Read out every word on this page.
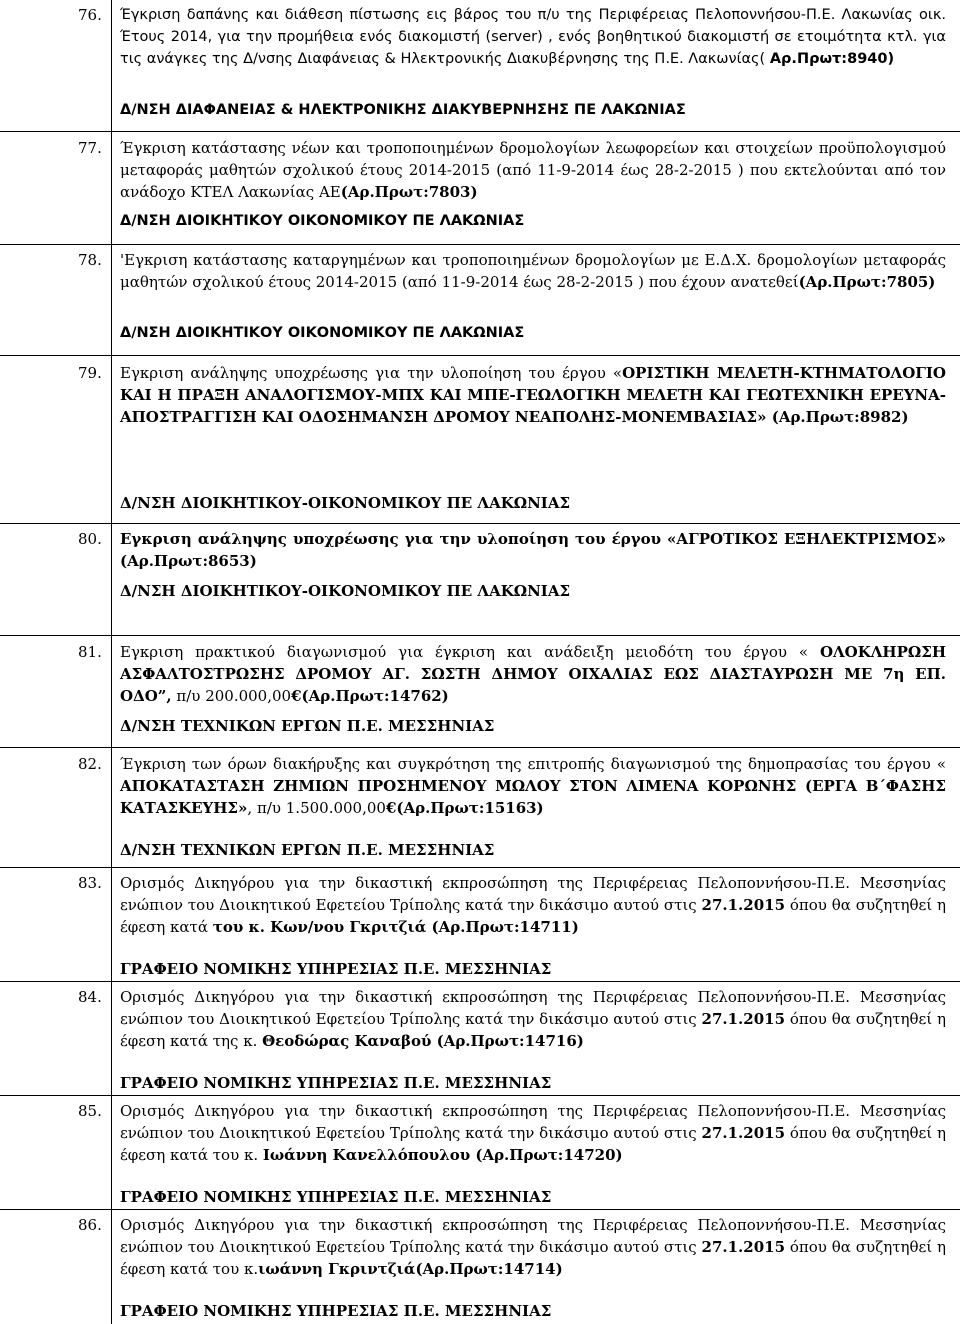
76.	Έγκριση δαπάνης και διάθεση πίστωσης εις βάρος του π/υ της Περιφέρειας Πελοποννήσου-Π.Ε. Λακωνίας οικ. Έτους 2014, για την προμήθεια ενός διακομιστή (server) , ενός βοηθητικού διακομιστή σε ετοιμότητα κτλ. για τις ανάγκες της Δ/νσης Διαφάνειας & Ηλεκτρονικής Διακυβέρνησης της Π.Ε. Λακωνίας( Αρ.Πρωτ:8940)
Δ/ΝΣΗ ΔΙΑΦΑΝΕΙΑΣ & ΗΛΕΚΤΡΟΝΙΚΗΣ ΔΙΑΚΥΒΕΡΝΗΣΗΣ ΠΕ ΛΑΚΩΝΙΑΣ
77.	Έγκριση κατάστασης νέων και τροποποιημένων δρομολογίων λεωφορείων και στοιχείων προϋπολογισμού μεταφοράς μαθητών σχολικού έτους 2014-2015 (από 11-9-2014 έως 28-2-2015 ) που εκτελούνται από τον ανάδοχο ΚΤΕΛ Λακωνίας ΑΕ(Αρ.Πρωτ:7803)
Δ/ΝΣΗ ΔΙΟΙΚΗΤΙΚΟΥ ΟΙΚΟΝΟΜΙΚΟΥ ΠΕ ΛΑΚΩΝΙΑΣ
78.	'Εγκριση κατάστασης καταργημένων και τροποποιημένων δρομολογίων με Ε.Δ.Χ. δρομολογίων μεταφοράς μαθητών σχολικού έτους 2014-2015 (από 11-9-2014 έως 28-2-2015 ) που έχουν ανατεθεί(Αρ.Πρωτ:7805)
Δ/ΝΣΗ ΔΙΟΙΚΗΤΙΚΟΥ ΟΙΚΟΝΟΜΙΚΟΥ ΠΕ ΛΑΚΩΝΙΑΣ
79.	Εγκριση ανάληψης υποχρέωσης για την υλοποίηση του έργου «ΟΡΙΣΤΙΚΗ ΜΕΛΕΤΗ-ΚΤΗΜΑΤΟΛΟΓΙΟ ΚΑΙ Η ΠΡΑΞΗ ΑΝΑΛΟΓΙΣΜΟΥ-ΜΠΧ ΚΑΙ ΜΠΕ-ΓΕΩΛΟΓΙΚΗ ΜΕΛΕΤΗ ΚΑΙ ΓΕΩΤΕΧΝΙΚΗ ΕΡΕΥΝΑ-ΑΠΟΣΤΡΑΓΓΙΣΗ ΚΑΙ ΟΔΟΣΗΜΑΝΣΗ ΔΡΟΜΟΥ ΝΕΑΠΟΛΗΣ-ΜΟΝΕΜΒΑΣΙΑΣ» (Αρ.Πρωτ:8982)
Δ/ΝΣΗ ΔΙΟΙΚΗΤΙΚΟΥ-ΟΙΚΟΝΟΜΙΚΟΥ ΠΕ ΛΑΚΩΝΙΑΣ
80.	Εγκριση ανάληψης υποχρέωσης για την υλοποίηση του έργου «ΑΓΡΟΤΙΚΟΣ ΕΞΗΛΕΚΤΡΙΣΜΟΣ» (Αρ.Πρωτ:8653)
Δ/ΝΣΗ ΔΙΟΙΚΗΤΙΚΟΥ-ΟΙΚΟΝΟΜΙΚΟΥ ΠΕ ΛΑΚΩΝΙΑΣ
81.	Εγκριση πρακτικού διαγωνισμού για έγκριση και ανάδειξη μειοδότη του έργου « ΟΛΟΚΛΗΡΩΣΗ ΑΣΦΑΛΤΟΣΤΡΩΣΗΣ ΔΡΟΜΟΥ ΑΓ. ΣΩΣΤΗ ΔΗΜΟΥ ΟΙΧΑΛΙΑΣ ΕΩΣ ΔΙΑΣΤΑΥΡΩΣΗ ΜΕ 7η ΕΠ. ΟΔΟ”, π/υ 200.000,00€(Αρ.Πρωτ:14762)
Δ/ΝΣΗ ΤΕΧΝΙΚΩΝ ΕΡΓΩΝ Π.Ε. ΜΕΣΣΗΝΙΑΣ
82.	Έγκριση των όρων διακήρυξης και συγκρότηση της επιτροπής διαγωνισμού της δημοπρασίας του έργου « ΑΠΟΚΑΤΑΣΤΑΣΗ ΖΗΜΙΩΝ ΠΡΟΣΗΜΕΝΟΥ ΜΩΛΟΥ ΣΤΟΝ ΛΙΜΕΝΑ ΚΟΡΩΝΗΣ (ΕΡΓΑ Β΄ΦΑΣΗΣ ΚΑΤΑΣΚΕΥΗΣ», π/υ 1.500.000,00€(Αρ.Πρωτ:15163)
Δ/ΝΣΗ ΤΕΧΝΙΚΩΝ ΕΡΓΩΝ Π.Ε. ΜΕΣΣΗΝΙΑΣ
83.	Ορισμός Δικηγόρου για την δικαστική εκπροσώπηση της Περιφέρειας Πελοποννήσου-Π.Ε. Μεσσηνίας ενώπιον του Διοικητικού Εφετείου Τρίπολης κατά την δικάσιμο αυτού στις 27.1.2015 όπου θα συζητηθεί η έφεση κατά του κ. Κων/νου Γκριτζιά (Αρ.Πρωτ:14711)
ΓΡΑΦΕΙΟ ΝΟΜΙΚΗΣ ΥΠΗΡΕΣΙΑΣ Π.Ε. ΜΕΣΣΗΝΙΑΣ
84.	Ορισμός Δικηγόρου για την δικαστική εκπροσώπηση της Περιφέρειας Πελοποννήσου-Π.Ε. Μεσσηνίας ενώπιον του Διοικητικού Εφετείου Τρίπολης κατά την δικάσιμο αυτού στις 27.1.2015 όπου θα συζητηθεί η έφεση κατά της κ. Θεοδώρας Καναβού (Αρ.Πρωτ:14716)
ΓΡΑΦΕΙΟ ΝΟΜΙΚΗΣ ΥΠΗΡΕΣΙΑΣ Π.Ε. ΜΕΣΣΗΝΙΑΣ
85.	Ορισμός Δικηγόρου για την δικαστική εκπροσώπηση της Περιφέρειας Πελοποννήσου-Π.Ε. Μεσσηνίας ενώπιον του Διοικητικού Εφετείου Τρίπολης κατά την δικάσιμο αυτού στις 27.1.2015 όπου θα συζητηθεί η έφεση κατά του κ. Ιωάννη Κανελλόπουλου (Αρ.Πρωτ:14720)
ΓΡΑΦΕΙΟ ΝΟΜΙΚΗΣ ΥΠΗΡΕΣΙΑΣ Π.Ε. ΜΕΣΣΗΝΙΑΣ
86.	Ορισμός Δικηγόρου για την δικαστική εκπροσώπηση της Περιφέρειας Πελοποννήσου-Π.Ε. Μεσσηνίας ενώπιον του Διοικητικού Εφετείου Τρίπολης κατά την δικάσιμο αυτού στις 27.1.2015 όπου θα συζητηθεί η έφεση κατά του κ.ιωάννη Γκριντζιά(Αρ.Πρωτ:14714)
ΓΡΑΦΕΙΟ ΝΟΜΙΚΗΣ ΥΠΗΡΕΣΙΑΣ Π.Ε. ΜΕΣΣΗΝΙΑΣ
